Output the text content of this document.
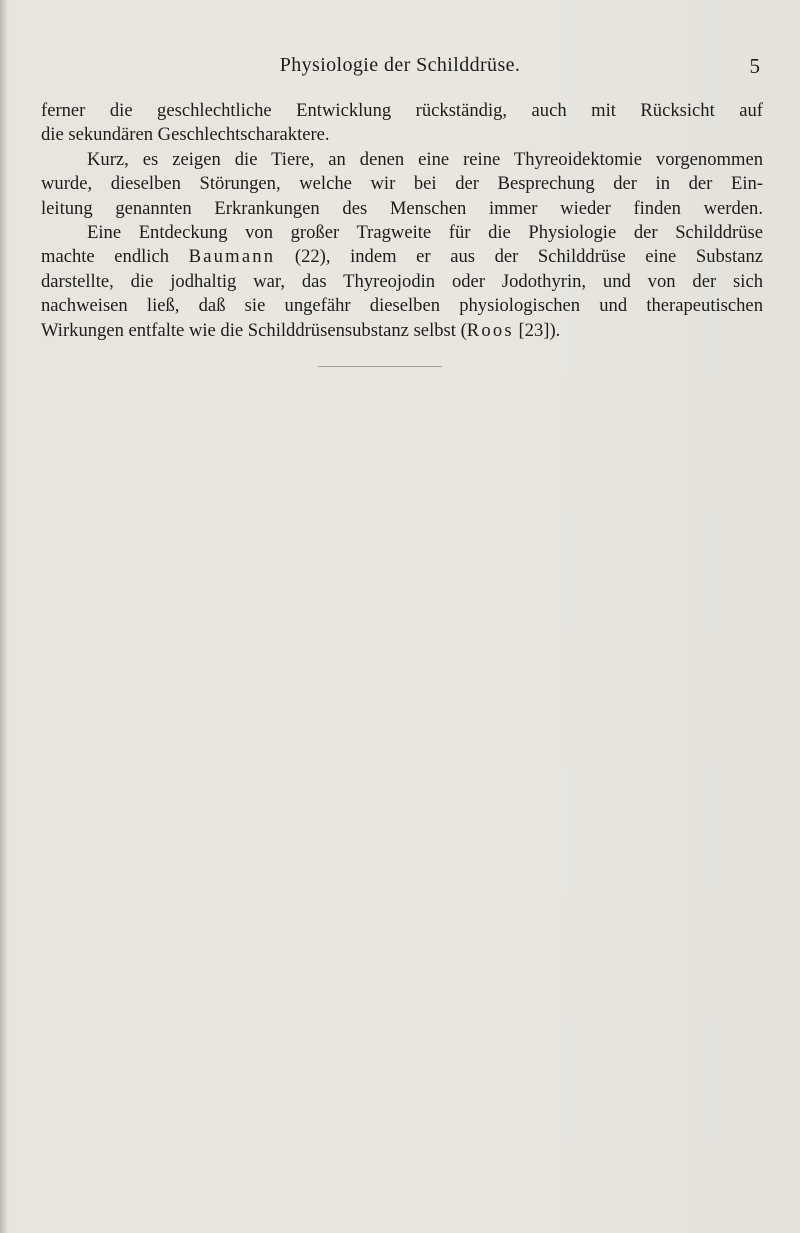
Physiologie der Schilddrüse.	5

ferner die geschlechtliche Entwicklung rückständig, auch mit Rücksicht auf
die sekundären Geschlechtscharaktere.

Kurz, es zeigen die Tiere, an denen eine reine Thyreoidektomie vorgenommen
wurde, dieselben Störungen, welche wir bei der Besprechung der in der Ein-
leitung genannten Erkrankungen des Menschen immer wieder finden werden.

Eine Entdeckung von großer Tragweite für die Physiologie der Schilddrüse
machte endlich Baumann (22), indem er aus der Schilddrüse eine Substanz
darstellte, die jodhaltig war, das Thyreojodin oder Jodothyrin, und von der sich
nachweisen ließ, daß sie ungefähr dieselben physiologischen und therapeutischen
Wirkungen entfalte wie die Schilddrüsensubstanz selbst (Roos [23]).
